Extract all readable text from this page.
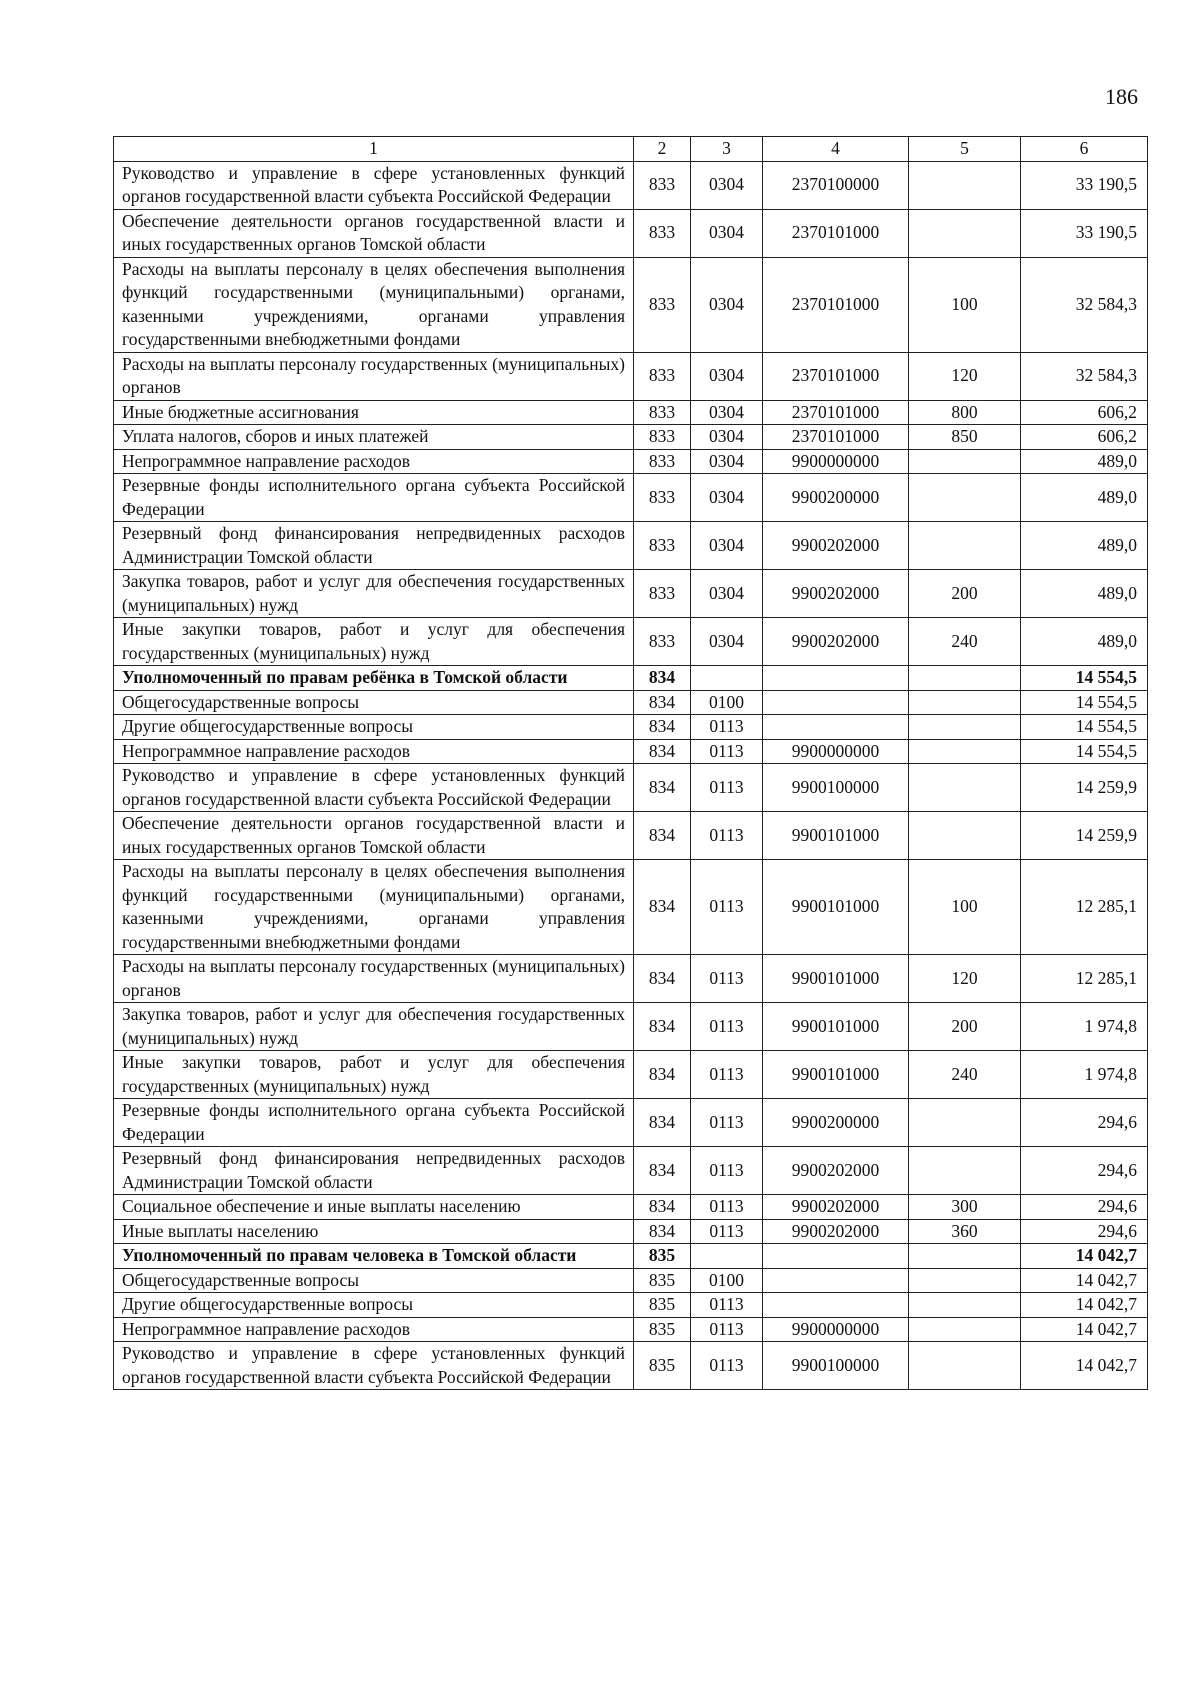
186
1	2	3	4	5	6
Руководство и управление в сфере установленных функций органов государственной власти субъекта Российской Федерации	833	0304	2370100000		33 190,5
Обеспечение деятельности органов государственной власти и иных государственных органов Томской области	833	0304	2370101000		33 190,5
Расходы на выплаты персоналу в целях обеспечения выполнения функций государственными (муниципальными) органами, казенными учреждениями, органами управления государственными внебюджетными фондами	833	0304	2370101000	100	32 584,3
Расходы на выплаты персоналу государственных (муниципальных) органов	833	0304	2370101000	120	32 584,3
Иные бюджетные ассигнования	833	0304	2370101000	800	606,2
Уплата налогов, сборов и иных платежей	833	0304	2370101000	850	606,2
Непрограммное направление расходов	833	0304	9900000000		489,0
Резервные фонды исполнительного органа субъекта Российской Федерации	833	0304	9900200000		489,0
Резервный фонд финансирования непредвиденных расходов Администрации Томской области	833	0304	9900202000		489,0
Закупка товаров, работ и услуг для обеспечения государственных (муниципальных) нужд	833	0304	9900202000	200	489,0
Иные закупки товаров, работ и услуг для обеспечения государственных (муниципальных) нужд	833	0304	9900202000	240	489,0
Уполномоченный по правам ребёнка в Томской области	834				14 554,5
Общегосударственные вопросы	834	0100			14 554,5
Другие общегосударственные вопросы	834	0113			14 554,5
Непрограммное направление расходов	834	0113	9900000000		14 554,5
Руководство и управление в сфере установленных функций органов государственной власти субъекта Российской Федерации	834	0113	9900100000		14 259,9
Обеспечение деятельности органов государственной власти и иных государственных органов Томской области	834	0113	9900101000		14 259,9
Расходы на выплаты персоналу в целях обеспечения выполнения функций государственными (муниципальными) органами, казенными учреждениями, органами управления государственными внебюджетными фондами	834	0113	9900101000	100	12 285,1
Расходы на выплаты персоналу государственных (муниципальных) органов	834	0113	9900101000	120	12 285,1
Закупка товаров, работ и услуг для обеспечения государственных (муниципальных) нужд	834	0113	9900101000	200	1 974,8
Иные закупки товаров, работ и услуг для обеспечения государственных (муниципальных) нужд	834	0113	9900101000	240	1 974,8
Резервные фонды исполнительного органа субъекта Российской Федерации	834	0113	9900200000		294,6
Резервный фонд финансирования непредвиденных расходов Администрации Томской области	834	0113	9900202000		294,6
Социальное обеспечение и иные выплаты населению	834	0113	9900202000	300	294,6
Иные выплаты населению	834	0113	9900202000	360	294,6
Уполномоченный по правам человека в Томской области	835				14 042,7
Общегосударственные вопросы	835	0100			14 042,7
Другие общегосударственные вопросы	835	0113			14 042,7
Непрограммное направление расходов	835	0113	9900000000		14 042,7
Руководство и управление в сфере установленных функций органов государственной власти субъекта Российской Федерации	835	0113	9900100000		14 042,7
